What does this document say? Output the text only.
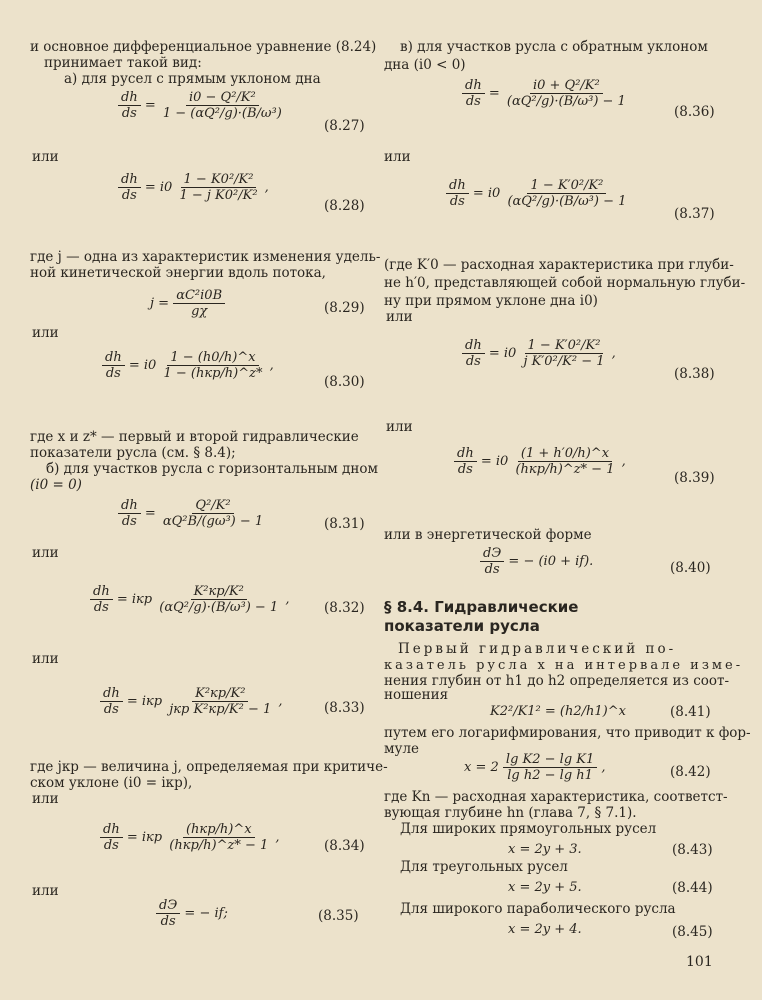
и основное дифференциальное уравнение (8.24)
принимает такой вид:
а) для русел с прямым уклоном дна
$\frac{dh}{ds} = \frac{\text{i0 − Q²/K²}}{\text{1 − (αQ²/g)·(B/ω³)}}$
(8.27)
или
$\frac{dh}{ds} = i0 \frac{\text{1 − K0²/K²}}{\text{1 − j K0²/K²}}$ ,
(8.28)
где j — одна из характеристик изменения удель-
ной кинетической энергии вдоль потока,
$j = \frac{\text{αC²i0B}}{g\chi}$	(8.29)
или
$\frac{dh}{ds} = i0 \frac{1 - (h0/h)\^{}x}{\text{1 − (hкр/h)\textasciicircum{}z*}}$ ,
(8.30)
где x и z* — первый и второй гидравлические
показатели русла (см. § 8.4);
б) для участков русла с горизонтальным дном
(i0 = 0)
$\frac{dh}{ds} = \frac{\text{Q²/K²}}{\text{αQ²B/(gω³) − 1}}$	(8.31)
или
$\frac{dh}{ds}$ = iкр $\frac{\text{K²кр/K²}}{\text{(αQ²/g)·(B/ω³) − 1}}$ ,
(8.32)
или
$\frac{dh}{ds}$ = iкр $\frac{\text{K²кр/K²}}{\text{jкр K²кр/K² − 1}}$ ,	(8.33)
где jкр — величина j, определяемая при критиче-
ском уклоне (i0 = iкр),
или
$\frac{dh}{ds}$ = iкр $\frac{\text{(hкр/h)\textasciicircum{}x}}{\text{(hкр/h)\textasciicircum{}z* − 1}}$ ,
(8.34)
или
$\frac{dЭ}{ds}$ = − if;	(8.35)
в) для участков русла с обратным уклоном
дна (i0 < 0)
$\frac{dh}{ds} = \frac{\text{i0 + Q²/K²}}{\text{(αQ²/g)·(B/ω³) − 1}}$
(8.36)
или
$\frac{dh}{ds} = i0 \frac{\text{1 − K′0²/K²}}{\text{(αQ²/g)·(B/ω³) − 1}}$
(8.37)
(где K′0 — расходная характеристика при глуби-
не h′0, представляющей собой нормальную глуби-
ну при прямом уклоне дна i0)
или
$\frac{dh}{ds} = i0 \frac{\text{1 − K′0²/K²}}{\text{j K′0²/K² − 1}}$ ,
(8.38)
или
$\frac{dh}{ds} = i0 \frac{(1 + h'0/h)\^{}x}{\text{(hкр/h)\textasciicircum{}z* − 1}}$ ,
(8.39)
или в энергетической форме
$\frac{dЭ}{ds}$ = − (i0 + if).	(8.40)
§ 8.4. Гидравлические
показатели русла
Первый гидравлический по-
казатель русла x на интервале изме-
нения глубин от h1 до h2 определяется из соот-
ношения
K2²/K1² = (h2/h1)^x	(8.41)
путем его логарифмирования, что приводит к фор-
муле
$x = 2 \frac{\text{lg K2 − lg K1}}{\text{lg h2 − lg h1}}$ ,	(8.42)
где Kn — расходная характеристика, соответст-
вующая глубине hn (глава 7, § 7.1).
Для широких прямоугольных русел
x = 2y + 3.	(8.43)
Для треугольных русел
x = 2y + 5.	(8.44)
Для широкого параболического русла
x = 2y + 4.	(8.45)
101
